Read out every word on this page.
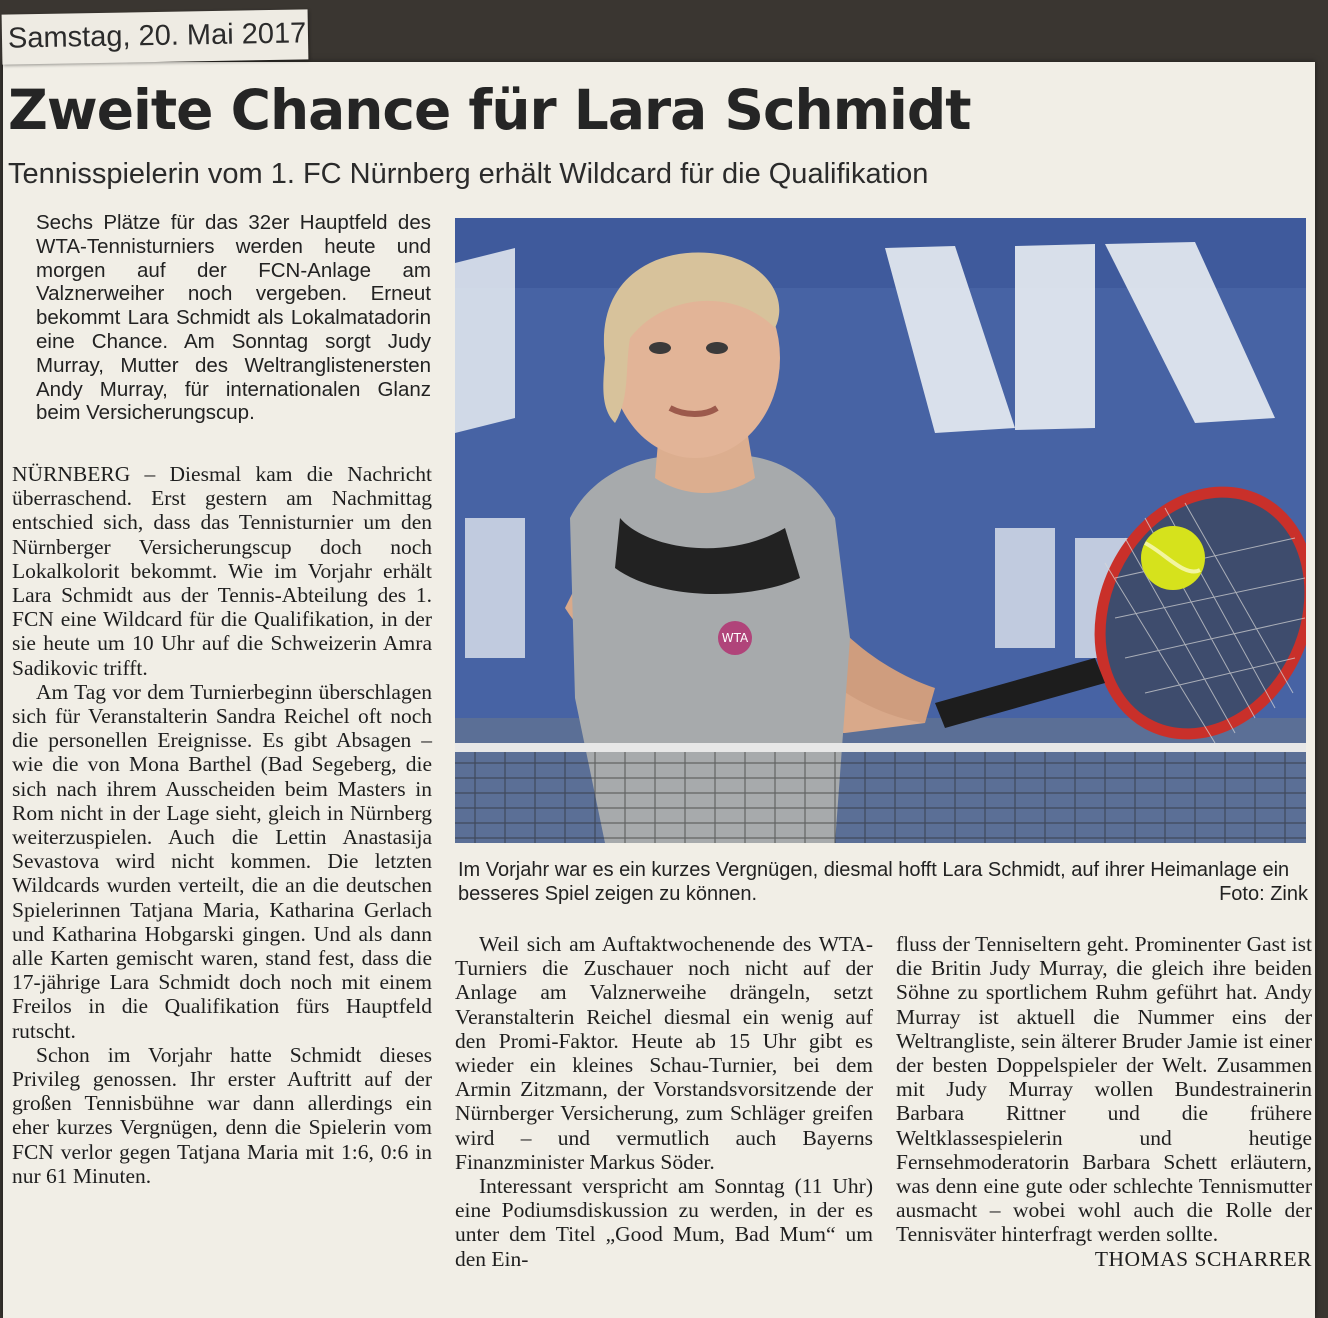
Samstag, 20. Mai 2017
Zweite Chance für Lara Schmidt
Tennisspielerin vom 1. FC Nürnberg erhält Wildcard für die Qualifikation

Sechs Plätze für das 32er Hauptfeld des WTA-Tennisturniers werden heute und morgen auf der FCN-Anlage am Valznerweiher noch vergeben. Erneut bekommt Lara Schmidt als Lokalmatadorin eine Chance. Am Sonntag sorgt Judy Murray, Mutter des Weltranglistenersten Andy Murray, für internationalen Glanz beim Versicherungscup.

NÜRNBERG – Diesmal kam die Nachricht überraschend. Erst gestern am Nachmittag entschied sich, dass das Tennisturnier um den Nürnberger Versicherungscup doch noch Lokalkolorit bekommt. Wie im Vorjahr erhält Lara Schmidt aus der Tennis-Abteilung des 1. FCN eine Wildcard für die Qualifikation, in der sie heute um 10 Uhr auf die Schweizerin Amra Sadikovic trifft.

Am Tag vor dem Turnierbeginn überschlagen sich für Veranstalterin Sandra Reichel oft noch die personellen Ereignisse. Es gibt Absagen – wie die von Mona Barthel (Bad Segeberg, die sich nach ihrem Ausscheiden beim Masters in Rom nicht in der Lage sieht, gleich in Nürnberg weiterzuspielen. Auch die Lettin Anastasija Sevastova wird nicht kommen. Die letzten Wildcards wurden verteilt, die an die deutschen Spielerinnen Tatjana Maria, Katharina Gerlach und Katharina Hobgarski gingen. Und als dann alle Karten gemischt waren, stand fest, dass die 17-jährige Lara Schmidt doch noch mit einem Freilos in die Qualifikation fürs Hauptfeld rutscht.

Schon im Vorjahr hatte Schmidt dieses Privileg genossen. Ihr erster Auftritt auf der großen Tennisbühne war dann allerdings ein eher kurzes Vergnügen, denn die Spielerin vom FCN verlor gegen Tatjana Maria mit 1:6, 0:6 in nur 61 Minuten.

WTA

Im Vorjahr war es ein kurzes Vergnügen, diesmal hofft Lara Schmidt, auf ihrer Heimanlage ein besseres Spiel zeigen zu können.	Foto: Zink

Weil sich am Auftaktwochenende des WTA-Turniers die Zuschauer noch nicht auf der Anlage am Valznerweihe drängeln, setzt Veranstalterin Reichel diesmal ein wenig auf den Promi-Faktor. Heute ab 15 Uhr gibt es wieder ein kleines Schau-Turnier, bei dem Armin Zitzmann, der Vorstandsvorsitzende der Nürnberger Versicherung, zum Schläger greifen wird – und vermutlich auch Bayerns Finanzminister Markus Söder.

Interessant verspricht am Sonntag (11 Uhr) eine Podiumsdiskussion zu werden, in der es unter dem Titel „Good Mum, Bad Mum“ um den Ein-

fluss der Tenniseltern geht. Prominenter Gast ist die Britin Judy Murray, die gleich ihre beiden Söhne zu sportlichem Ruhm geführt hat. Andy Murray ist aktuell die Nummer eins der Weltrangliste, sein älterer Bruder Jamie ist einer der besten Doppelspieler der Welt. Zusammen mit Judy Murray wollen Bundestrainerin Barbara Rittner und die frühere Weltklassespielerin und heutige Fernsehmoderatorin Barbara Schett erläutern, was denn eine gute oder schlechte Tennismutter ausmacht – wobei wohl auch die Rolle der Tennisväter hinterfragt werden sollte.

THOMAS SCHARRER
